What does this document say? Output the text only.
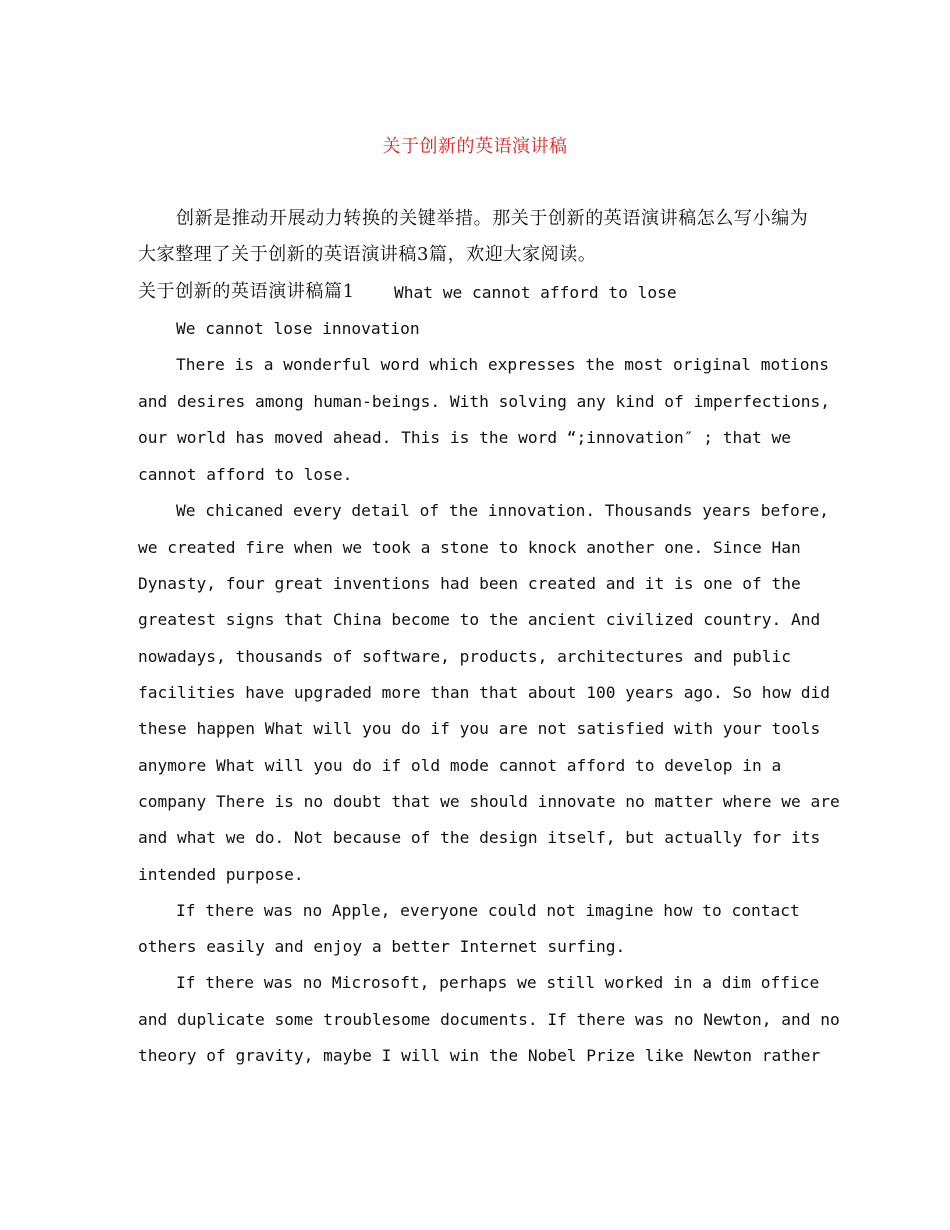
关于创新的英语演讲稿
创新是推动开展动力转换的关键举措。那关于创新的英语演讲稿怎么写小编为
大家整理了关于创新的英语演讲稿3篇，欢迎大家阅读。
关于创新的英语演讲稿篇1 What we cannot afford to lose
We cannot lose innovation
There is a wonderful word which expresses the most original motions
and desires among human-beings. With solving any kind of imperfections,
our world has moved ahead. This is the word “;innovation″ ; that we
cannot afford to lose.
We chicaned every detail of the innovation. Thousands years before,
we created fire when we took a stone to knock another one. Since Han
Dynasty, four great inventions had been created and it is one of the
greatest signs that China become to the ancient civilized country. And
nowadays, thousands of software, products, architectures and public
facilities have upgraded more than that about 100 years ago. So how did
these happen What will you do if you are not satisfied with your tools
anymore What will you do if old mode cannot afford to develop in a
company There is no doubt that we should innovate no matter where we are
and what we do. Not because of the design itself, but actually for its
intended purpose.
If there was no Apple, everyone could not imagine how to contact
others easily and enjoy a better Internet surfing.
If there was no Microsoft, perhaps we still worked in a dim office
and duplicate some troublesome documents. If there was no Newton, and no
theory of gravity, maybe I will win the Nobel Prize like Newton rather
